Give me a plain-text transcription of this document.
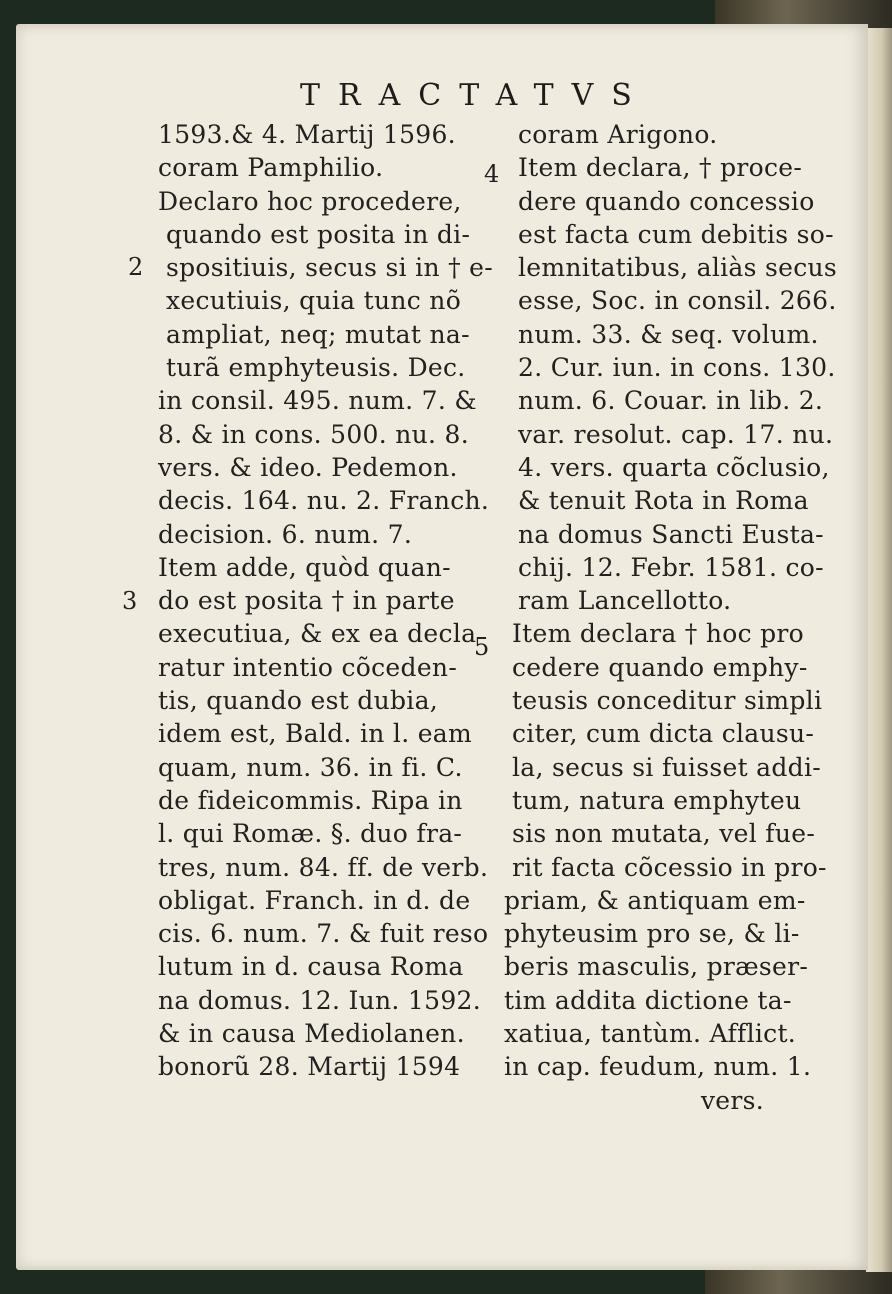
TRACTATVS
1593.& 4. Martij 1596.
coram Pamphilio.
Declaro hoc procedere,
quando est posita in di-
spositiuis, secus si in † e-
xecutiuis, quia tunc nõ
ampliat, neq; mutat na-
turã emphyteusis. Dec.
in consil. 495. num. 7. &
8. & in cons. 500. nu. 8.
vers. & ideo. Pedemon.
decis. 164. nu. 2. Franch.
decision. 6. num. 7.
Item adde, quòd quan-
do est posita † in parte
executiua, & ex ea decla
ratur intentio cõceden-
tis, quando est dubia,
idem est, Bald. in l. eam
quam, num. 36. in fi. C.
de fideicommis. Ripa in
l. qui Romæ. §. duo fra-
tres, num. 84. ff. de verb.
obligat. Franch. in d. de
cis. 6. num. 7. & fuit reso
lutum in d. causa Roma
na domus. 12. Iun. 1592.
& in causa Mediolanen.
bonorũ 28. Martij 1594
coram Arigono.
Item declara, † proce-
dere quando concessio
est facta cum debitis so-
lemnitatibus, aliàs secus
esse, Soc. in consil. 266.
num. 33. & seq. volum.
2. Cur. iun. in cons. 130.
num. 6. Couar. in lib. 2.
var. resolut. cap. 17. nu.
4. vers. quarta cõclusio,
& tenuit Rota in Roma
na domus Sancti Eusta-
chij. 12. Febr. 1581. co-
ram Lancellotto.
Item declara † hoc pro
cedere quando emphy-
teusis conceditur simpli
citer, cum dicta clausu-
la, secus si fuisset addi-
tum, natura emphyteu
sis non mutata, vel fue-
rit facta cõcessio in pro-
priam, & antiquam em-
phyteusim pro se, & li-
beris masculis, præser-
tim addita dictione ta-
xatiua, tantùm. Afflict.
in cap. feudum, num. 1.
vers.
2
3
4
5
